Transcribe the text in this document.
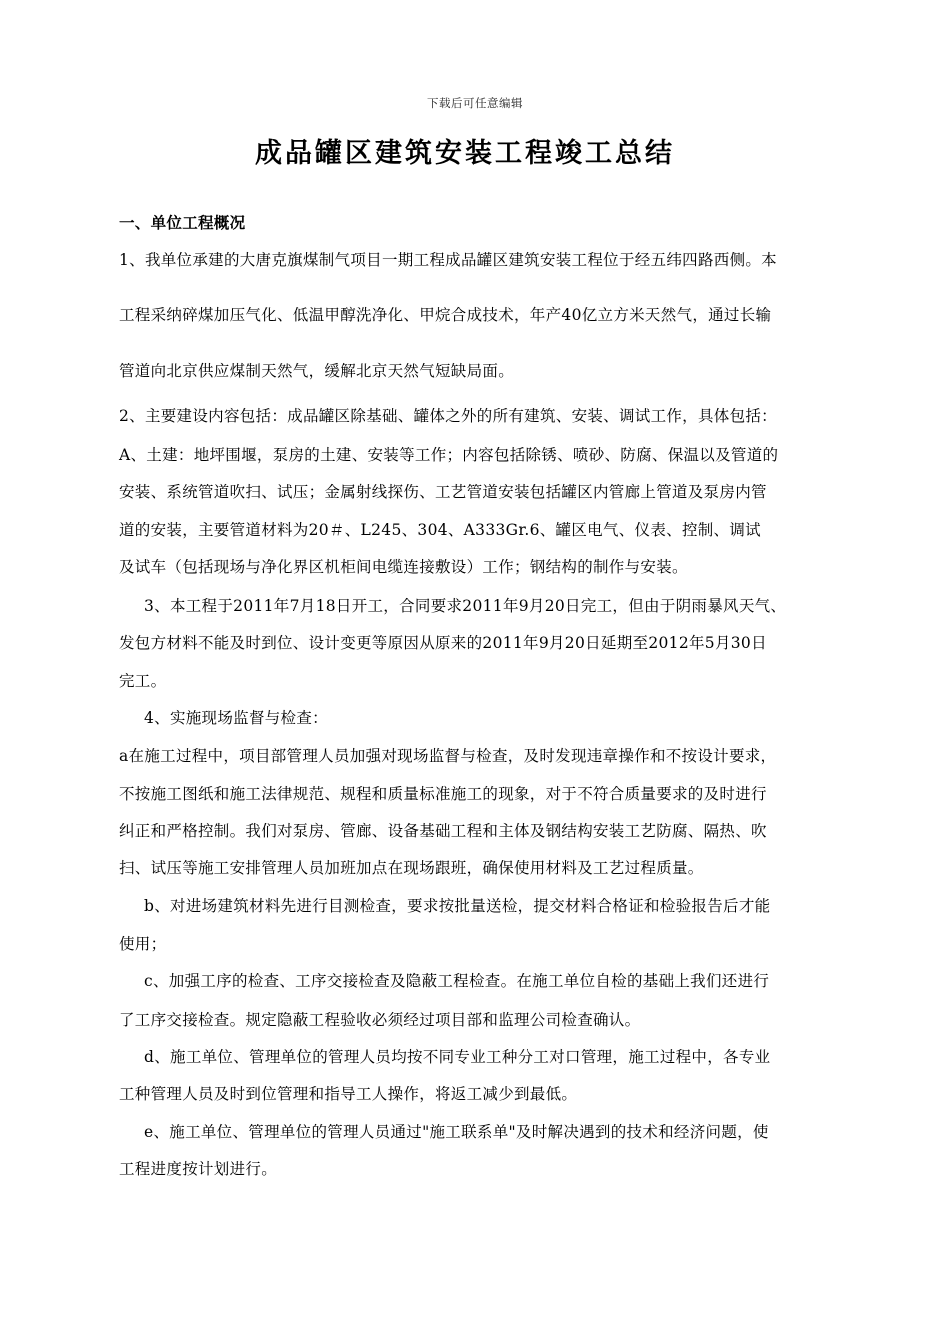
下载后可任意编辑
成品罐区建筑安装工程竣工总结
一、单位工程概况
1、我单位承建的大唐克旗煤制气项目一期工程成品罐区建筑安装工程位于经五纬四路西侧。本
工程采纳碎煤加压气化、低温甲醇洗净化、甲烷合成技术，年产40亿立方米天然气，通过长输
管道向北京供应煤制天然气，缓解北京天然气短缺局面。
2、主要建设内容包括：成品罐区除基础、罐体之外的所有建筑、安装、调试工作，具体包括：
A、土建：地坪围堰，泵房的土建、安装等工作；内容包括除锈、喷砂、防腐、保温以及管道的
安装、系统管道吹扫、试压；金属射线探伤、工艺管道安装包括罐区内管廊上管道及泵房内管
道的安装，主要管道材料为20＃、L245、304、A333Gr.6、罐区电气、仪表、控制、调试
及试车（包括现场与净化界区机柜间电缆连接敷设）工作；钢结构的制作与安装。
3、本工程于2011年7月18日开工，合同要求2011年9月20日完工，但由于阴雨暴风天气、
发包方材料不能及时到位、设计变更等原因从原来的2011年9月20日延期至2012年5月30日
完工。
4、实施现场监督与检查：
a在施工过程中，项目部管理人员加强对现场监督与检查，及时发现违章操作和不按设计要求，
不按施工图纸和施工法律规范、规程和质量标准施工的现象，对于不符合质量要求的及时进行
纠正和严格控制。我们对泵房、管廊、设备基础工程和主体及钢结构安装工艺防腐、隔热、吹
扫、试压等施工安排管理人员加班加点在现场跟班，确保使用材料及工艺过程质量。
b、对进场建筑材料先进行目测检查，要求按批量送检，提交材料合格证和检验报告后才能
使用；
c、加强工序的检查、工序交接检查及隐蔽工程检查。在施工单位自检的基础上我们还进行
了工序交接检查。规定隐蔽工程验收必须经过项目部和监理公司检查确认。
d、施工单位、管理单位的管理人员均按不同专业工种分工对口管理，施工过程中，各专业
工种管理人员及时到位管理和指导工人操作，将返工减少到最低。
e、施工单位、管理单位的管理人员通过"施工联系单"及时解决遇到的技术和经济问题，使
工程进度按计划进行。
